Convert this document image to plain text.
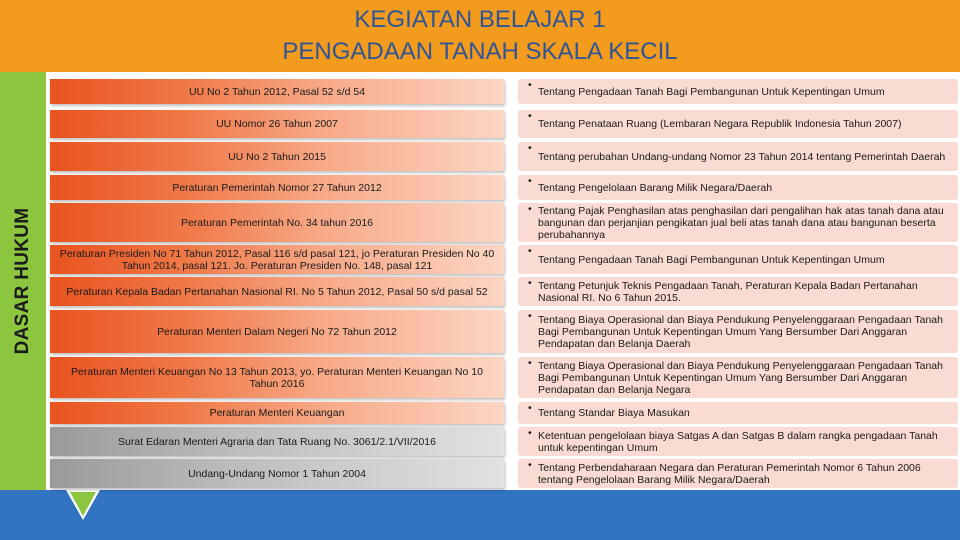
KEGIATAN BELAJAR 1
PENGADAAN TANAH SKALA KECIL
DASAR HUKUM
UU No 2 Tahun 2012, Pasal 52 s/d 54
•
Tentang Pengadaan Tanah Bagi Pembangunan Untuk Kepentingan Umum
UU Nomor 26 Tahun 2007
•
Tentang Penataan Ruang (Lembaran Negara Republik Indonesia Tahun 2007)
UU No 2 Tahun 2015
•
Tentang perubahan Undang-undang Nomor 23 Tahun 2014 tentang Pemerintah Daerah
Peraturan Pemerintah Nomor 27 Tahun 2012
•
Tentang Pengelolaan Barang Milik Negara/Daerah
Peraturan Pemerintah No. 34 tahun 2016
• Tentang Pajak Penghasilan atas penghasilan dari pengalihan hak atas tanah dana atau bangunan dan perjanjian pengikatan jual beli atas tanah dana atau bangunan beserta perubahannya
Peraturan Presiden No 71 Tahun 2012, Pasal 116 s/d pasal 121, jo Peraturan Presiden No 40 Tahun 2014, pasal 121. Jo. Peraturan Presiden No. 148, pasal 121
•
Tentang Pengadaan Tanah Bagi Pembangunan Untuk Kepentingan Umum
Peraturan Kepala Badan Pertanahan Nasional RI. No 5 Tahun 2012, Pasal 50 s/d pasal 52
• Tentang Petunjuk Teknis Pengadaan Tanah, Peraturan Kepala Badan Pertanahan Nasional RI. No 6 Tahun 2015.
Peraturan Menteri Dalam Negeri No 72 Tahun 2012
• Tentang Biaya Operasional dan Biaya Pendukung Penyelenggaraan Pengadaan Tanah Bagi Pembangunan Untuk Kepentingan Umum Yang Bersumber Dari Anggaran Pendapatan dan Belanja Daerah
Peraturan Menteri Keuangan No 13 Tahun 2013, yo. Peraturan Menteri Keuangan No 10 Tahun 2016
• Tentang Biaya Operasional dan Biaya Pendukung Penyelenggaraan Pengadaan Tanah Bagi Pembangunan Untuk Kepentingan Umum Yang Bersumber Dari Anggaran Pendapatan dan Belanja Negara
Peraturan Menteri Keuangan	• Tentang Standar Biaya Masukan
Surat Edaran Menteri Agraria dan Tata Ruang No. 3061/2.1/VII/2016
• Ketentuan pengelolaan biaya Satgas A dan Satgas B dalam rangka pengadaan Tanah untuk kepentingan Umum
Undang-Undang Nomor 1 Tahun 2004
• Tentang Perbendaharaan Negara dan Peraturan Pemerintah Nomor 6 Tahun 2006 tentang Pengelolaan Barang Milik Negara/Daerah
